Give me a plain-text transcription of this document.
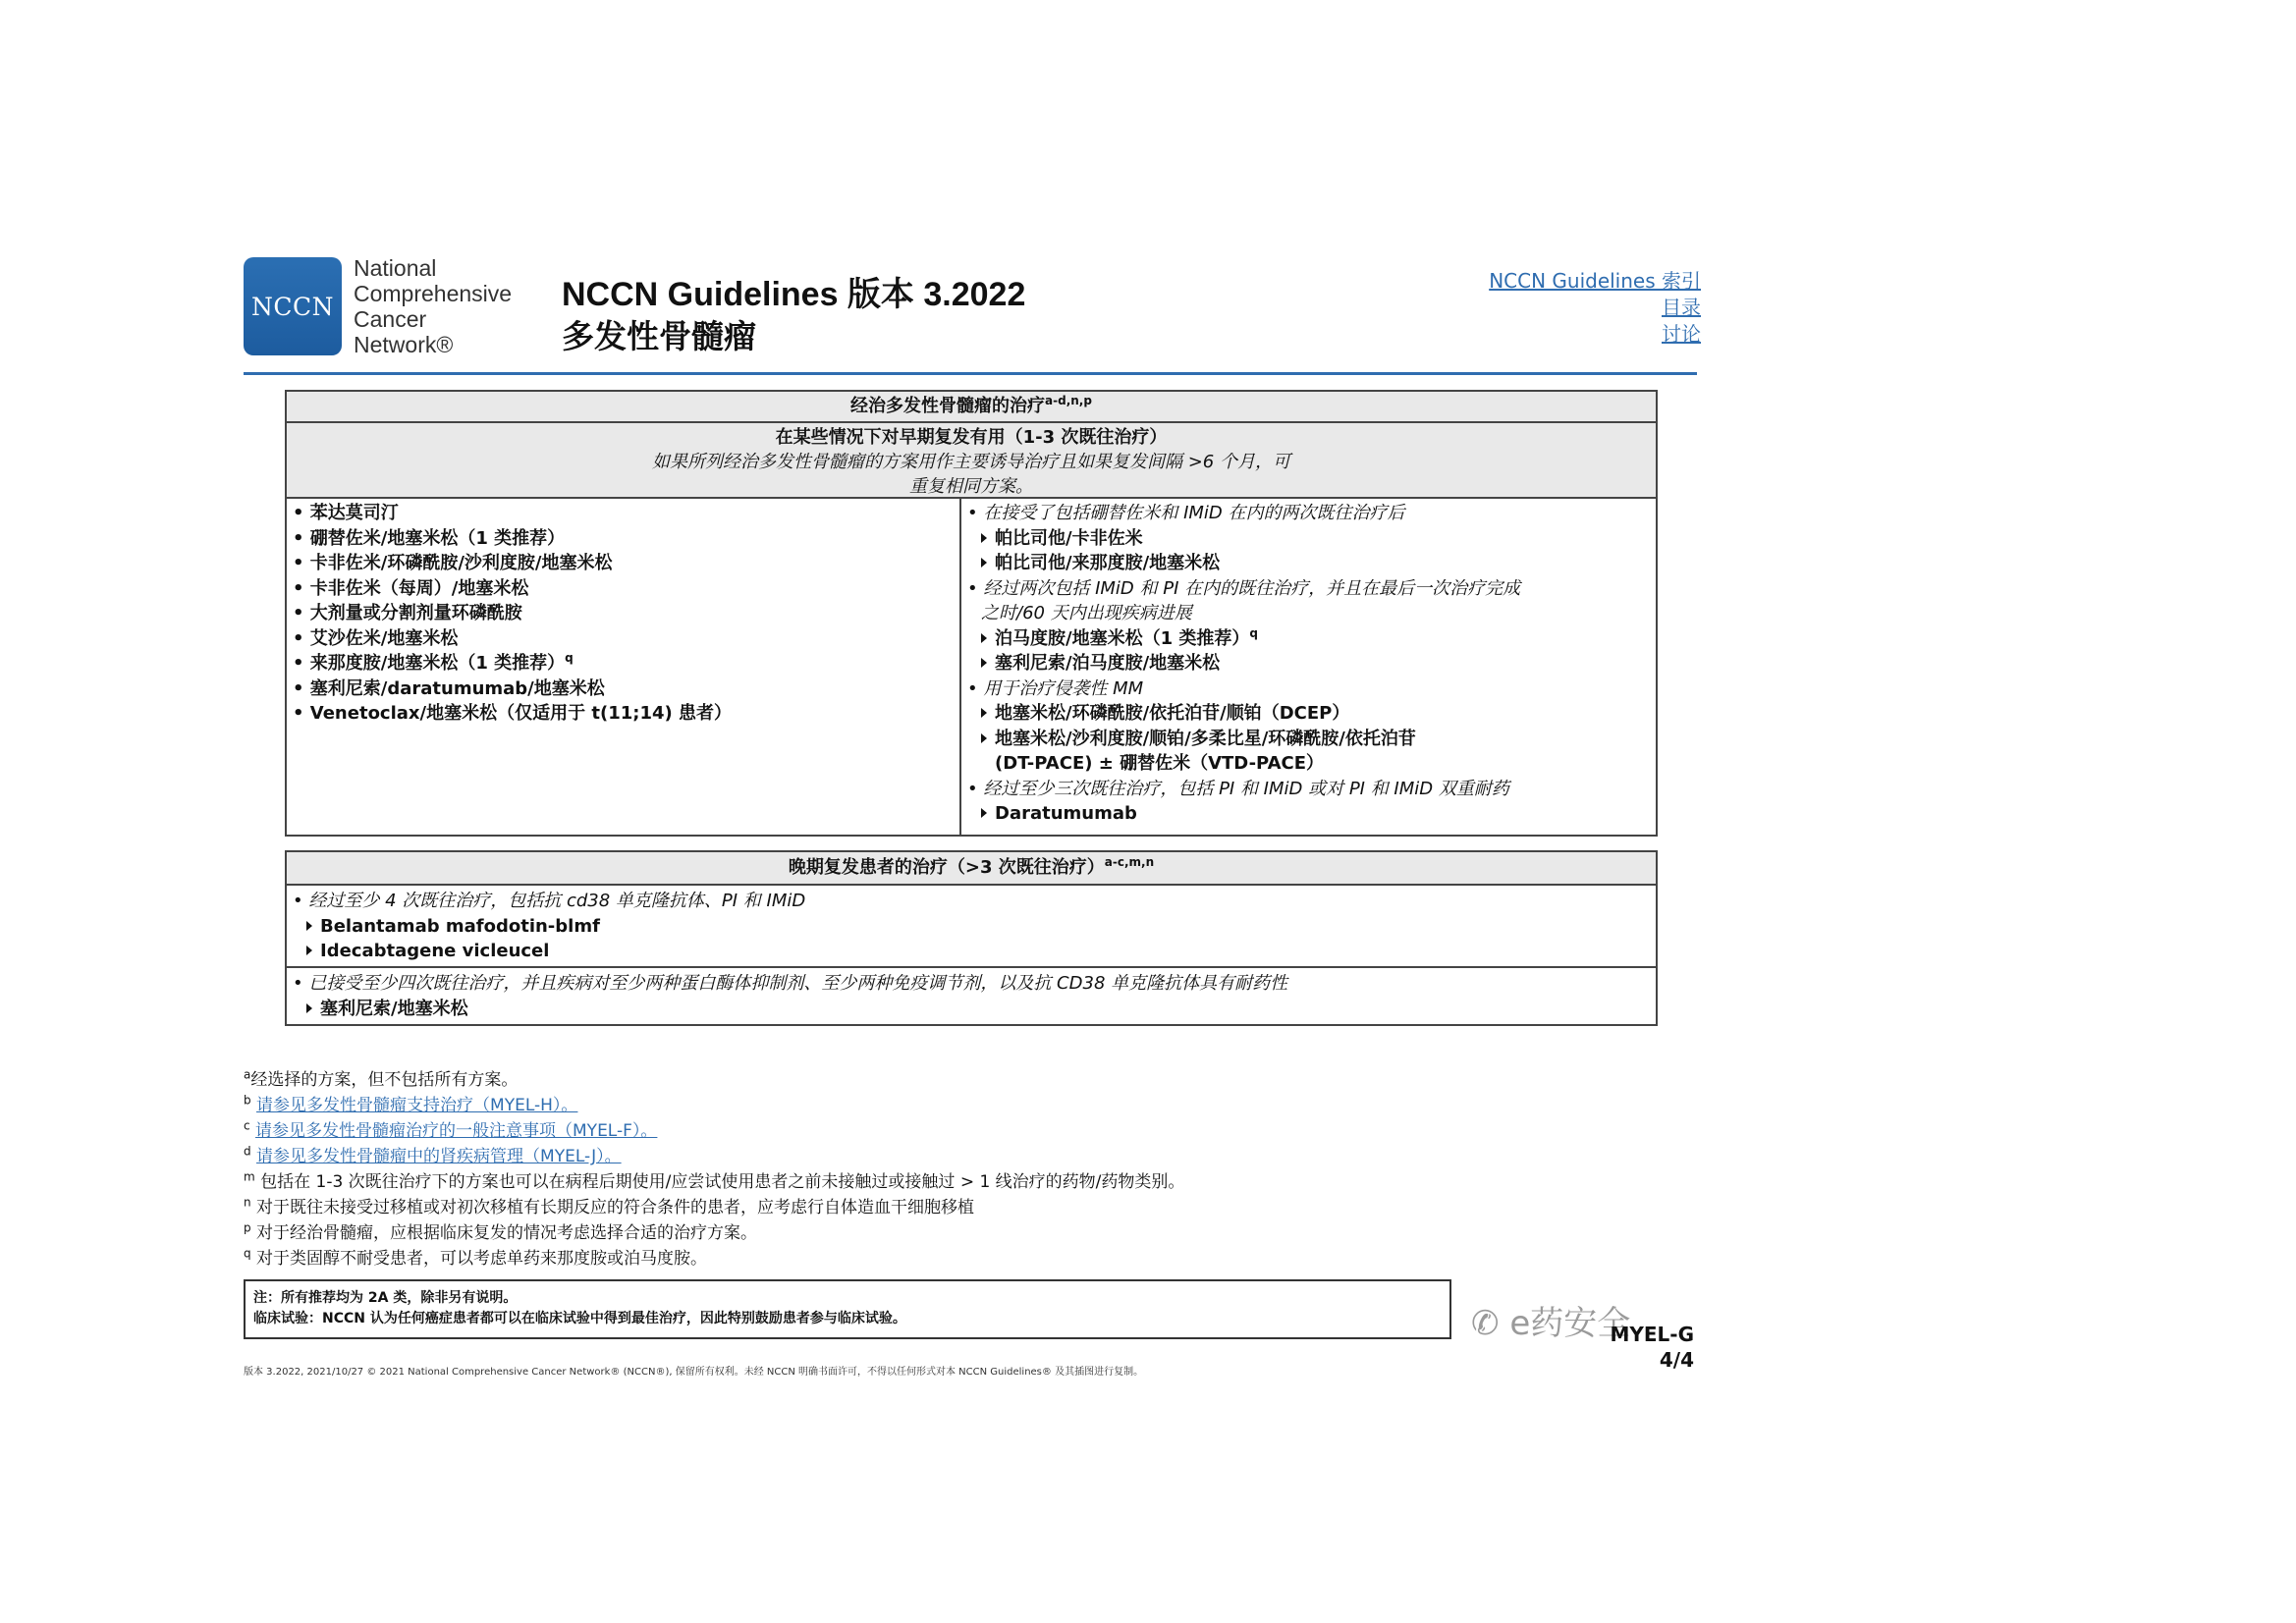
NCCN
National
Comprehensive
Cancer
Network®
NCCN Guidelines 版本 3.2022
多发性骨髓瘤
NCCN Guidelines 索引
目录
讨论
经治多发性骨髓瘤的治疗$^{a-d,n,p}$
在某些情况下对早期复发有用（1-3 次既往治疗）
如果所列经治多发性骨髓瘤的方案用作主要诱导治疗且如果复发间隔 >6 个月，可
重复相同方案。
• 苯达莫司汀
• 硼替佐米/地塞米松（1 类推荐）
• 卡非佐米/环磷酰胺/沙利度胺/地塞米松
• 卡非佐米（每周）/地塞米松
• 大剂量或分割剂量环磷酰胺
• 艾沙佐米/地塞米松
• 来那度胺/地塞米松（1 类推荐）$^q$
• 塞利尼索/daratumumab/地塞米松
• Venetoclax/地塞米松（仅适用于 t(11;14) 患者）
• 在接受了包括硼替佐米和 IMiD 在内的两次既往治疗后
帕比司他/卡非佐米
帕比司他/来那度胺/地塞米松
• 经过两次包括 IMiD 和 PI 在内的既往治疗，并且在最后一次治疗完成
之时/60 天内出现疾病进展
泊马度胺/地塞米松（1 类推荐）$^q$
塞利尼索/泊马度胺/地塞米松
• 用于治疗侵袭性 MM
地塞米松/环磷酰胺/依托泊苷/顺铂（DCEP）
地塞米松/沙利度胺/顺铂/多柔比星/环磷酰胺/依托泊苷
(DT-PACE) ± 硼替佐米（VTD-PACE）
• 经过至少三次既往治疗，包括 PI 和 IMiD 或对 PI 和 IMiD 双重耐药
Daratumumab
晚期复发患者的治疗（>3 次既往治疗）$^{a-c,m,n}$
• 经过至少 4 次既往治疗，包括抗 cd38 单克隆抗体、PI 和 IMiD
Belantamab mafodotin-blmf
Idecabtagene vicleucel
• 已接受至少四次既往治疗，并且疾病对至少两种蛋白酶体抑制剂、至少两种免疫调节剂，以及抗 CD38 单克隆抗体具有耐药性
塞利尼索/地塞米松
$^a$经选择的方案，但不包括所有方案。
$^b$ 请参见多发性骨髓瘤支持治疗（MYEL-H）。
$^c$ 请参见多发性骨髓瘤治疗的一般注意事项（MYEL-F）。
$^d$ 请参见多发性骨髓瘤中的肾疾病管理（MYEL-J）。
$^m$ 包括在 1-3 次既往治疗下的方案也可以在病程后期使用/应尝试使用患者之前未接触过或接触过 > 1 线治疗的药物/药物类别。
$^n$ 对于既往未接受过移植或对初次移植有长期反应的符合条件的患者，应考虑行自体造血干细胞移植
$^p$ 对于经治骨髓瘤，应根据临床复发的情况考虑选择合适的治疗方案。
$^q$ 对于类固醇不耐受患者，可以考虑单药来那度胺或泊马度胺。
注：所有推荐均为 2A 类，除非另有说明。
临床试验：NCCN 认为任何癌症患者都可以在临床试验中得到最佳治疗，因此特别鼓励患者参与临床试验。	✆ e药安全
MYEL-G
4/4
版本 3.2022, 2021/10/27 © 2021 National Comprehensive Cancer Network® (NCCN®), 保留所有权利。未经 NCCN 明确书面许可，不得以任何形式对本 NCCN Guidelines® 及其插图进行复制。
